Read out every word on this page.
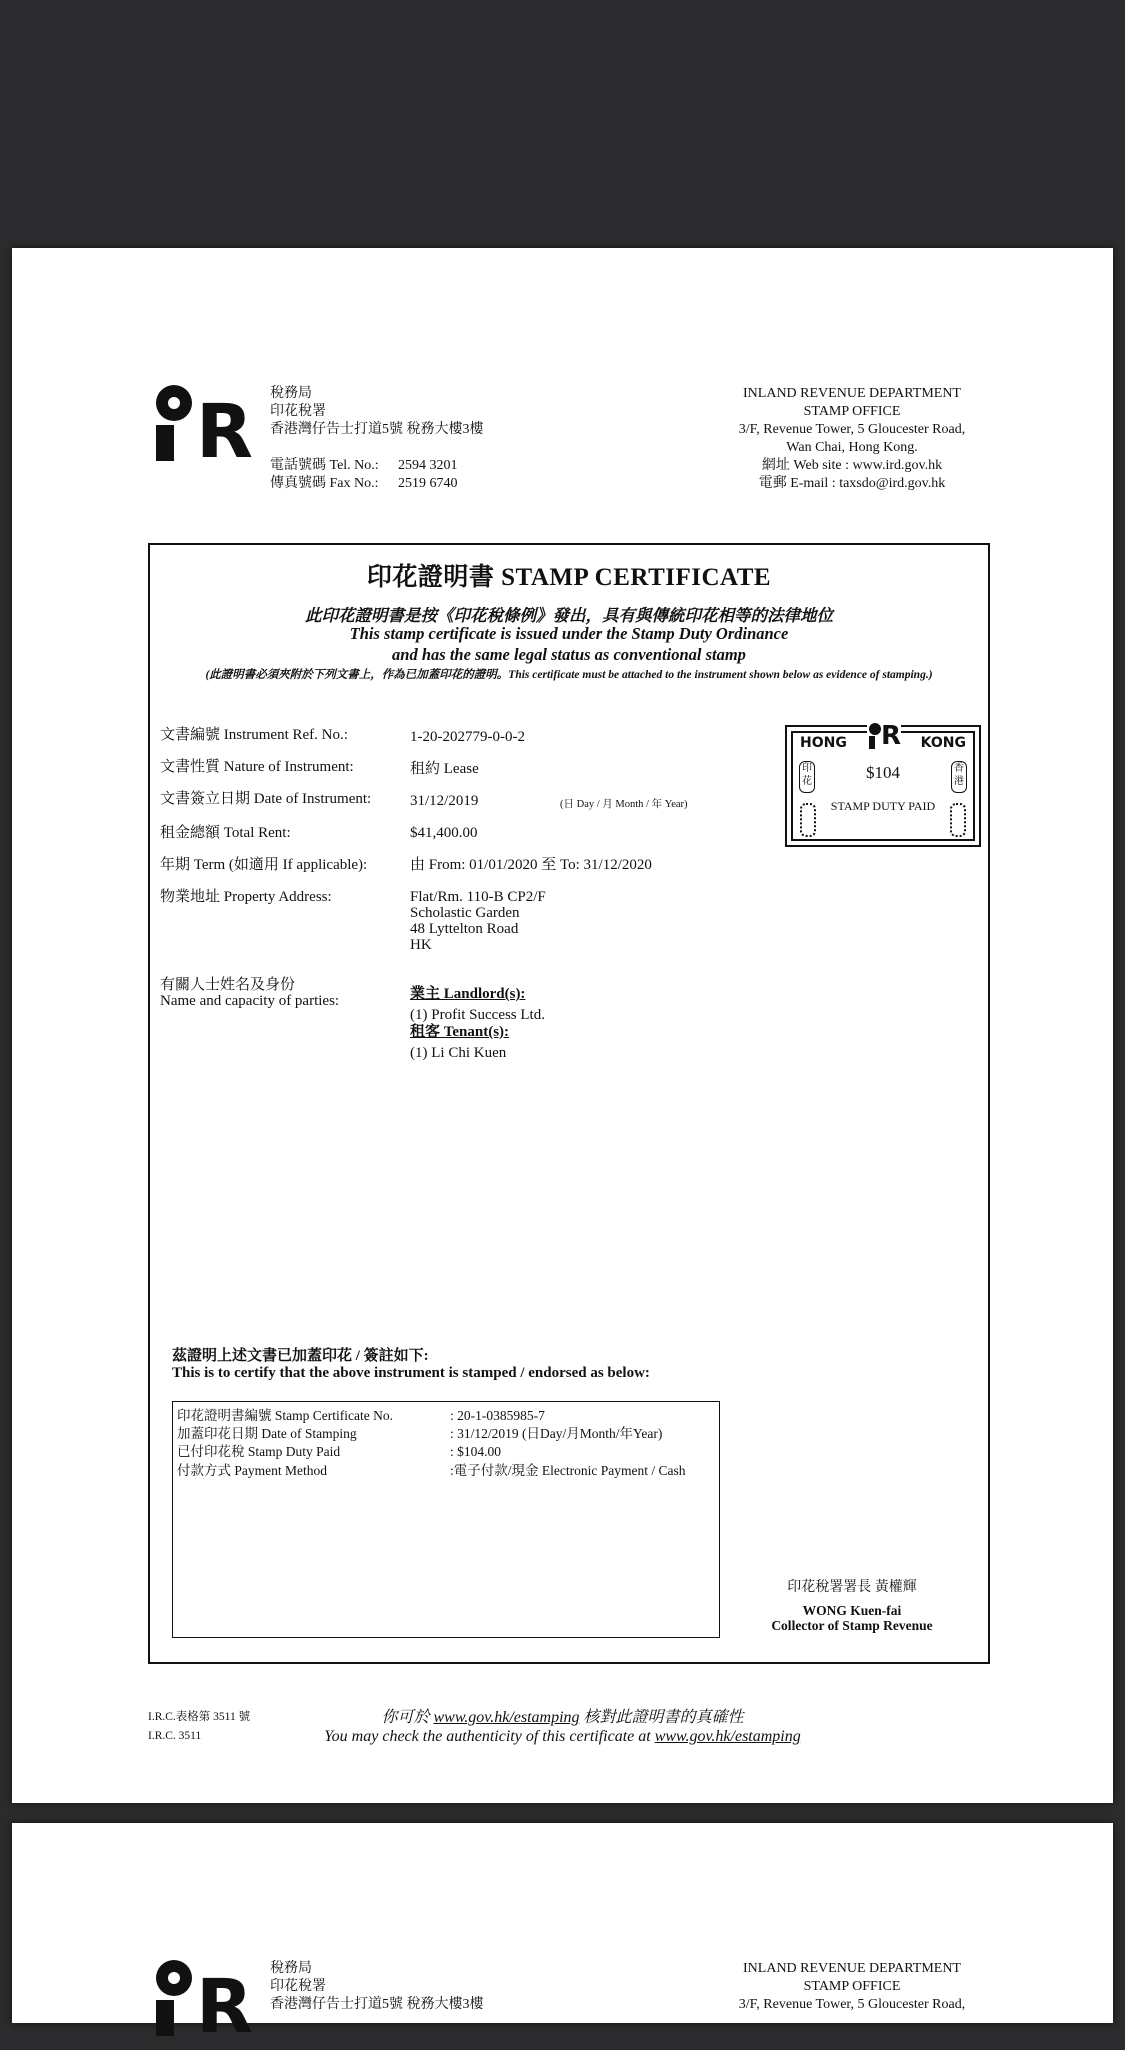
R 稅務局
印花稅署
香港灣仔告士打道5號 稅務大樓3樓
電話號碼 Tel. No.:	2594 3201
傳真號碼 Fax No.:	2519 6740
INLAND REVENUE DEPARTMENT
STAMP OFFICE
3/F, Revenue Tower, 5 Gloucester Road,
Wan Chai, Hong Kong.
網址 Web site : www.ird.gov.hk
電郵 E-mail : taxsdo@ird.gov.hk
印花證明書 STAMP CERTIFICATE
此印花證明書是按《印花稅條例》發出，具有與傳統印花相等的法律地位
This stamp certificate is issued under the Stamp Duty Ordinance
and has the same legal status as conventional stamp
(此證明書必須夾附於下列文書上，作為已加蓋印花的證明。This certificate must be attached to the instrument shown below as evidence of stamping.)
文書編號 Instrument Ref. No.:	1-20-202779-0-0-2
文書性質 Nature of Instrument:	租約 Lease
文書簽立日期 Date of Instrument:	31/12/2019	(日 Day / 月 Month / 年 Year)
租金總額 Total Rent:	$41,400.00
年期 Term (如適用 If applicable):	由 From: 01/01/2020 至 To: 31/12/2020
物業地址 Property Address:	Flat/Rm. 110-B CP2/F
Scholastic Garden
48 Lyttelton Road
HK
有關人士姓名及身份
Name and capacity of parties:	業主 Landlord(s):
(1) Profit Success Ltd.
租客 Tenant(s):
(1) Li Chi Kuen
R
HONG	KONG
$104
STAMP DUTY PAID
印花
香港
茲證明上述文書已加蓋印花 / 簽註如下:
This is to certify that the above instrument is stamped / endorsed as below:
印花證明書編號 Stamp Certificate No.	: 20-1-0385985-7
加蓋印花日期 Date of Stamping	: 31/12/2019 (日Day/月Month/年Year)
已付印花稅 Stamp Duty Paid	: $104.00
付款方式 Payment Method	:電子付款/現金 Electronic Payment / Cash
印花稅署署長 黃權輝
WONG Kuen-fai
Collector of Stamp Revenue
I.R.C.表格第 3511 號
I.R.C. 3511
你可於 www.gov.hk/estamping 核對此證明書的真確性
You may check the authenticity of this certificate at www.gov.hk/estamping
R 稅務局
印花稅署
香港灣仔告士打道5號 稅務大樓3樓
INLAND REVENUE DEPARTMENT
STAMP OFFICE
3/F, Revenue Tower, 5 Gloucester Road,
